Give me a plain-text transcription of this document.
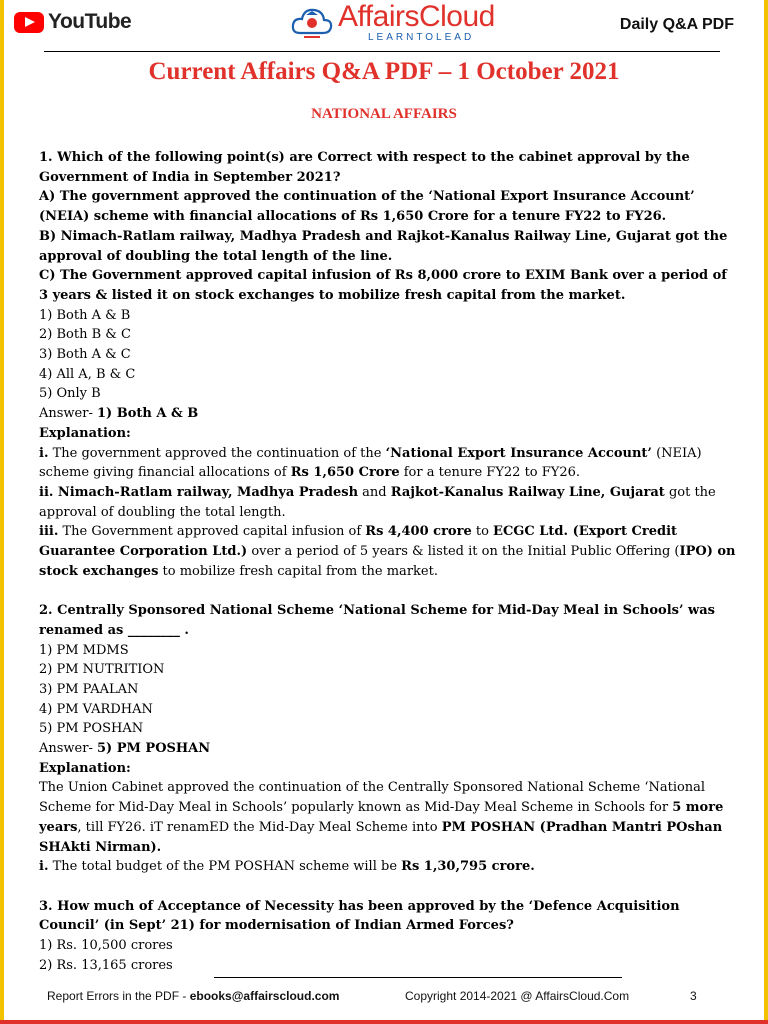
YouTube	AffairsCloud
LEARNTOLEAD
Daily Q&A PDF
Current Affairs Q&A PDF – 1 October 2021
NATIONAL AFFAIRS

1. Which of the following point(s) are Correct with respect to the cabinet approval by the Government of India in September 2021?

A) The government approved the continuation of the ‘National Export Insurance Account’ (NEIA) scheme with financial allocations of Rs 1,650 Crore for a tenure FY22 to FY26.

B) Nimach-Ratlam railway, Madhya Pradesh and Rajkot-Kanalus Railway Line, Gujarat got the approval of doubling the total length of the line.

C) The Government approved capital infusion of Rs 8,000 crore to EXIM Bank over a period of 3 years & listed it on stock exchanges to mobilize fresh capital from the market.

1) Both A & B

2) Both B & C

3) Both A & C

4) All A, B & C

5) Only B

Answer- 1) Both A & B

Explanation:

i. The government approved the continuation of the ‘National Export Insurance Account’ (NEIA) scheme giving financial allocations of Rs 1,650 Crore for a tenure FY22 to FY26.

ii. Nimach-Ratlam railway, Madhya Pradesh and Rajkot-Kanalus Railway Line, Gujarat got the approval of doubling the total length.

iii. The Government approved capital infusion of Rs 4,400 crore to ECGC Ltd. (Export Credit Guarantee Corporation Ltd.) over a period of 5 years & listed it on the Initial Public Offering (IPO) on stock exchanges to mobilize fresh capital from the market.

2. Centrally Sponsored National Scheme ‘National Scheme for Mid-Day Meal in Schools’ was renamed as ________ .

1) PM MDMS

2) PM NUTRITION

3) PM PAALAN

4) PM VARDHAN

5) PM POSHAN

Answer- 5) PM POSHAN

Explanation:

The Union Cabinet approved the continuation of the Centrally Sponsored National Scheme ‘National Scheme for Mid-Day Meal in Schools’ popularly known as Mid-Day Meal Scheme in Schools for 5 more years, till FY26. iT renamED the Mid-Day Meal Scheme into PM POSHAN (Pradhan Mantri POshan SHAkti Nirman).

i. The total budget of the PM POSHAN scheme will be Rs 1,30,795 crore.

3. How much of Acceptance of Necessity has been approved by the ‘Defence Acquisition Council’ (in Sept’ 21) for modernisation of Indian Armed Forces?

1) Rs. 10,500 crores

2) Rs. 13,165 crores

Report Errors in the PDF - ebooks@affairscloud.com	Copyright 2014-2021 @ AffairsCloud.Com	3
